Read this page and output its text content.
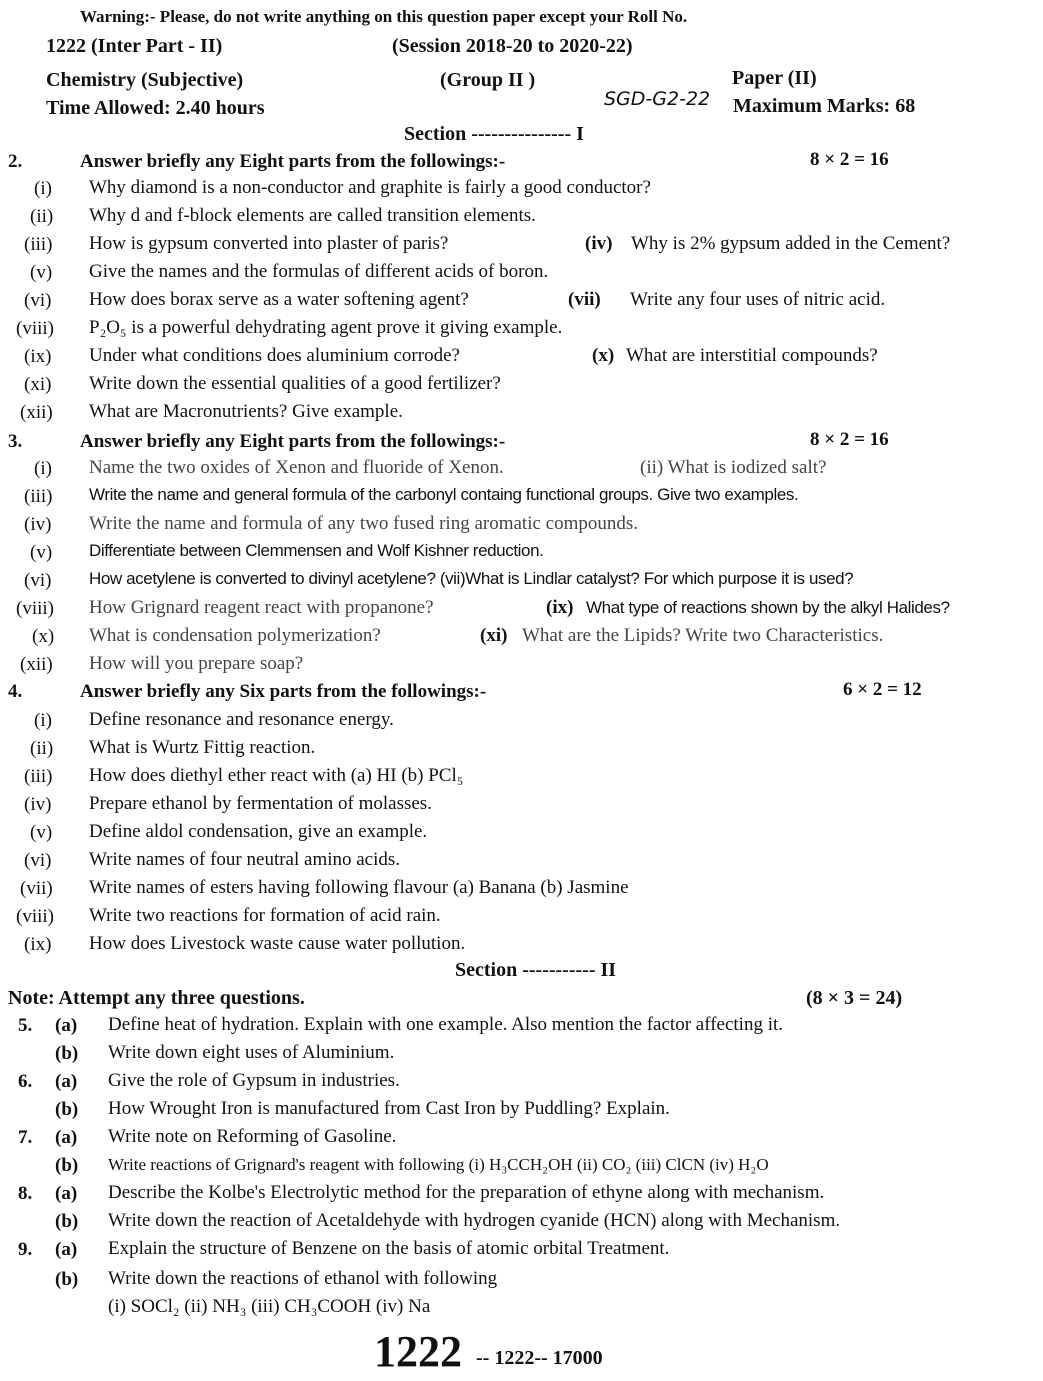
Warning:- Please, do not write anything on this question paper except your Roll No.
1222 (Inter Part - II)	(Session 2018-20 to 2020-22)
Chemistry (Subjective)	(Group II )	Paper (II)
Time Allowed: 2.40 hours	SGD-G2-22 Maximum Marks: 68
Section --------------- I
2.	Answer briefly any Eight parts from the followings:-	8 × 2 = 16
(i) Why diamond is a non-conductor and graphite is fairly a good conductor?
(ii) Why d and f-block elements are called transition elements.
(iii) How is gypsum converted into plaster of paris?	(iv) Why is 2% gypsum added in the Cement?
(v) Give the names and the formulas of different acids of boron.
(vi) How does borax serve as a water softening agent?	(vii) Write any four uses of nitric acid.
(viii) P₂O₅ is a powerful dehydrating agent prove it giving example.
(ix) Under what conditions does aluminium corrode?	(x) What are interstitial compounds?
(xi) Write down the essential qualities of a good fertilizer?
(xii) What are Macronutrients? Give example.
3.	Answer briefly any Eight parts from the followings:-	8 × 2 = 16
(i) Name the two oxides of Xenon and fluoride of Xenon.	(ii) What is iodized salt?
(iii) Write the name and general formula of the carbonyl containg functional groups. Give two examples.
(iv) Write the name and formula of any two fused ring aromatic compounds.
(v) Differentiate between Clemmensen and Wolf Kishner reduction.
(vi) How acetylene is converted to divinyl acetylene? (vii)What is Lindlar catalyst? For which purpose it is used?
(viii) How Grignard reagent react with propanone?	(ix) What type of reactions shown by the alkyl Halides?
(x) What is condensation polymerization?	(xi) What are the Lipids? Write two Characteristics.
(xii) How will you prepare soap?
4.	Answer briefly any Six parts from the followings:-	6 × 2 = 12
(i) Define resonance and resonance energy.
(ii) What is Wurtz Fittig reaction.
(iii) How does diethyl ether react with (a) HI (b) PCl₅
(iv) Prepare ethanol by fermentation of molasses.
(v) Define aldol condensation, give an example.
(vi) Write names of four neutral amino acids.
(vii) Write names of esters having following flavour (a) Banana (b) Jasmine
(viii) Write two reactions for formation of acid rain.
(ix) How does Livestock waste cause water pollution.
Section ----------- II
Note: Attempt any three questions.	(8 × 3 = 24)
5. (a) Define heat of hydration. Explain with one example. Also mention the factor affecting it.
(b) Write down eight uses of Aluminium.
6. (a) Give the role of Gypsum in industries.
(b) How Wrought Iron is manufactured from Cast Iron by Puddling? Explain.
7. (a) Write note on Reforming of Gasoline.
(b) Write reactions of Grignard's reagent with following (i) H₃CCH₂OH (ii) CO₂ (iii) ClCN (iv) H₂O
8. (a) Describe the Kolbe's Electrolytic method for the preparation of ethyne along with mechanism.
(b) Write down the reaction of Acetaldehyde with hydrogen cyanide (HCN) along with Mechanism.
9. (a) Explain the structure of Benzene on the basis of atomic orbital Treatment.
(b) Write down the reactions of ethanol with following
(i) SOCl₂ (ii) NH₃ (iii) CH₃COOH (iv) Na
1222 -- 1222-- 17000
